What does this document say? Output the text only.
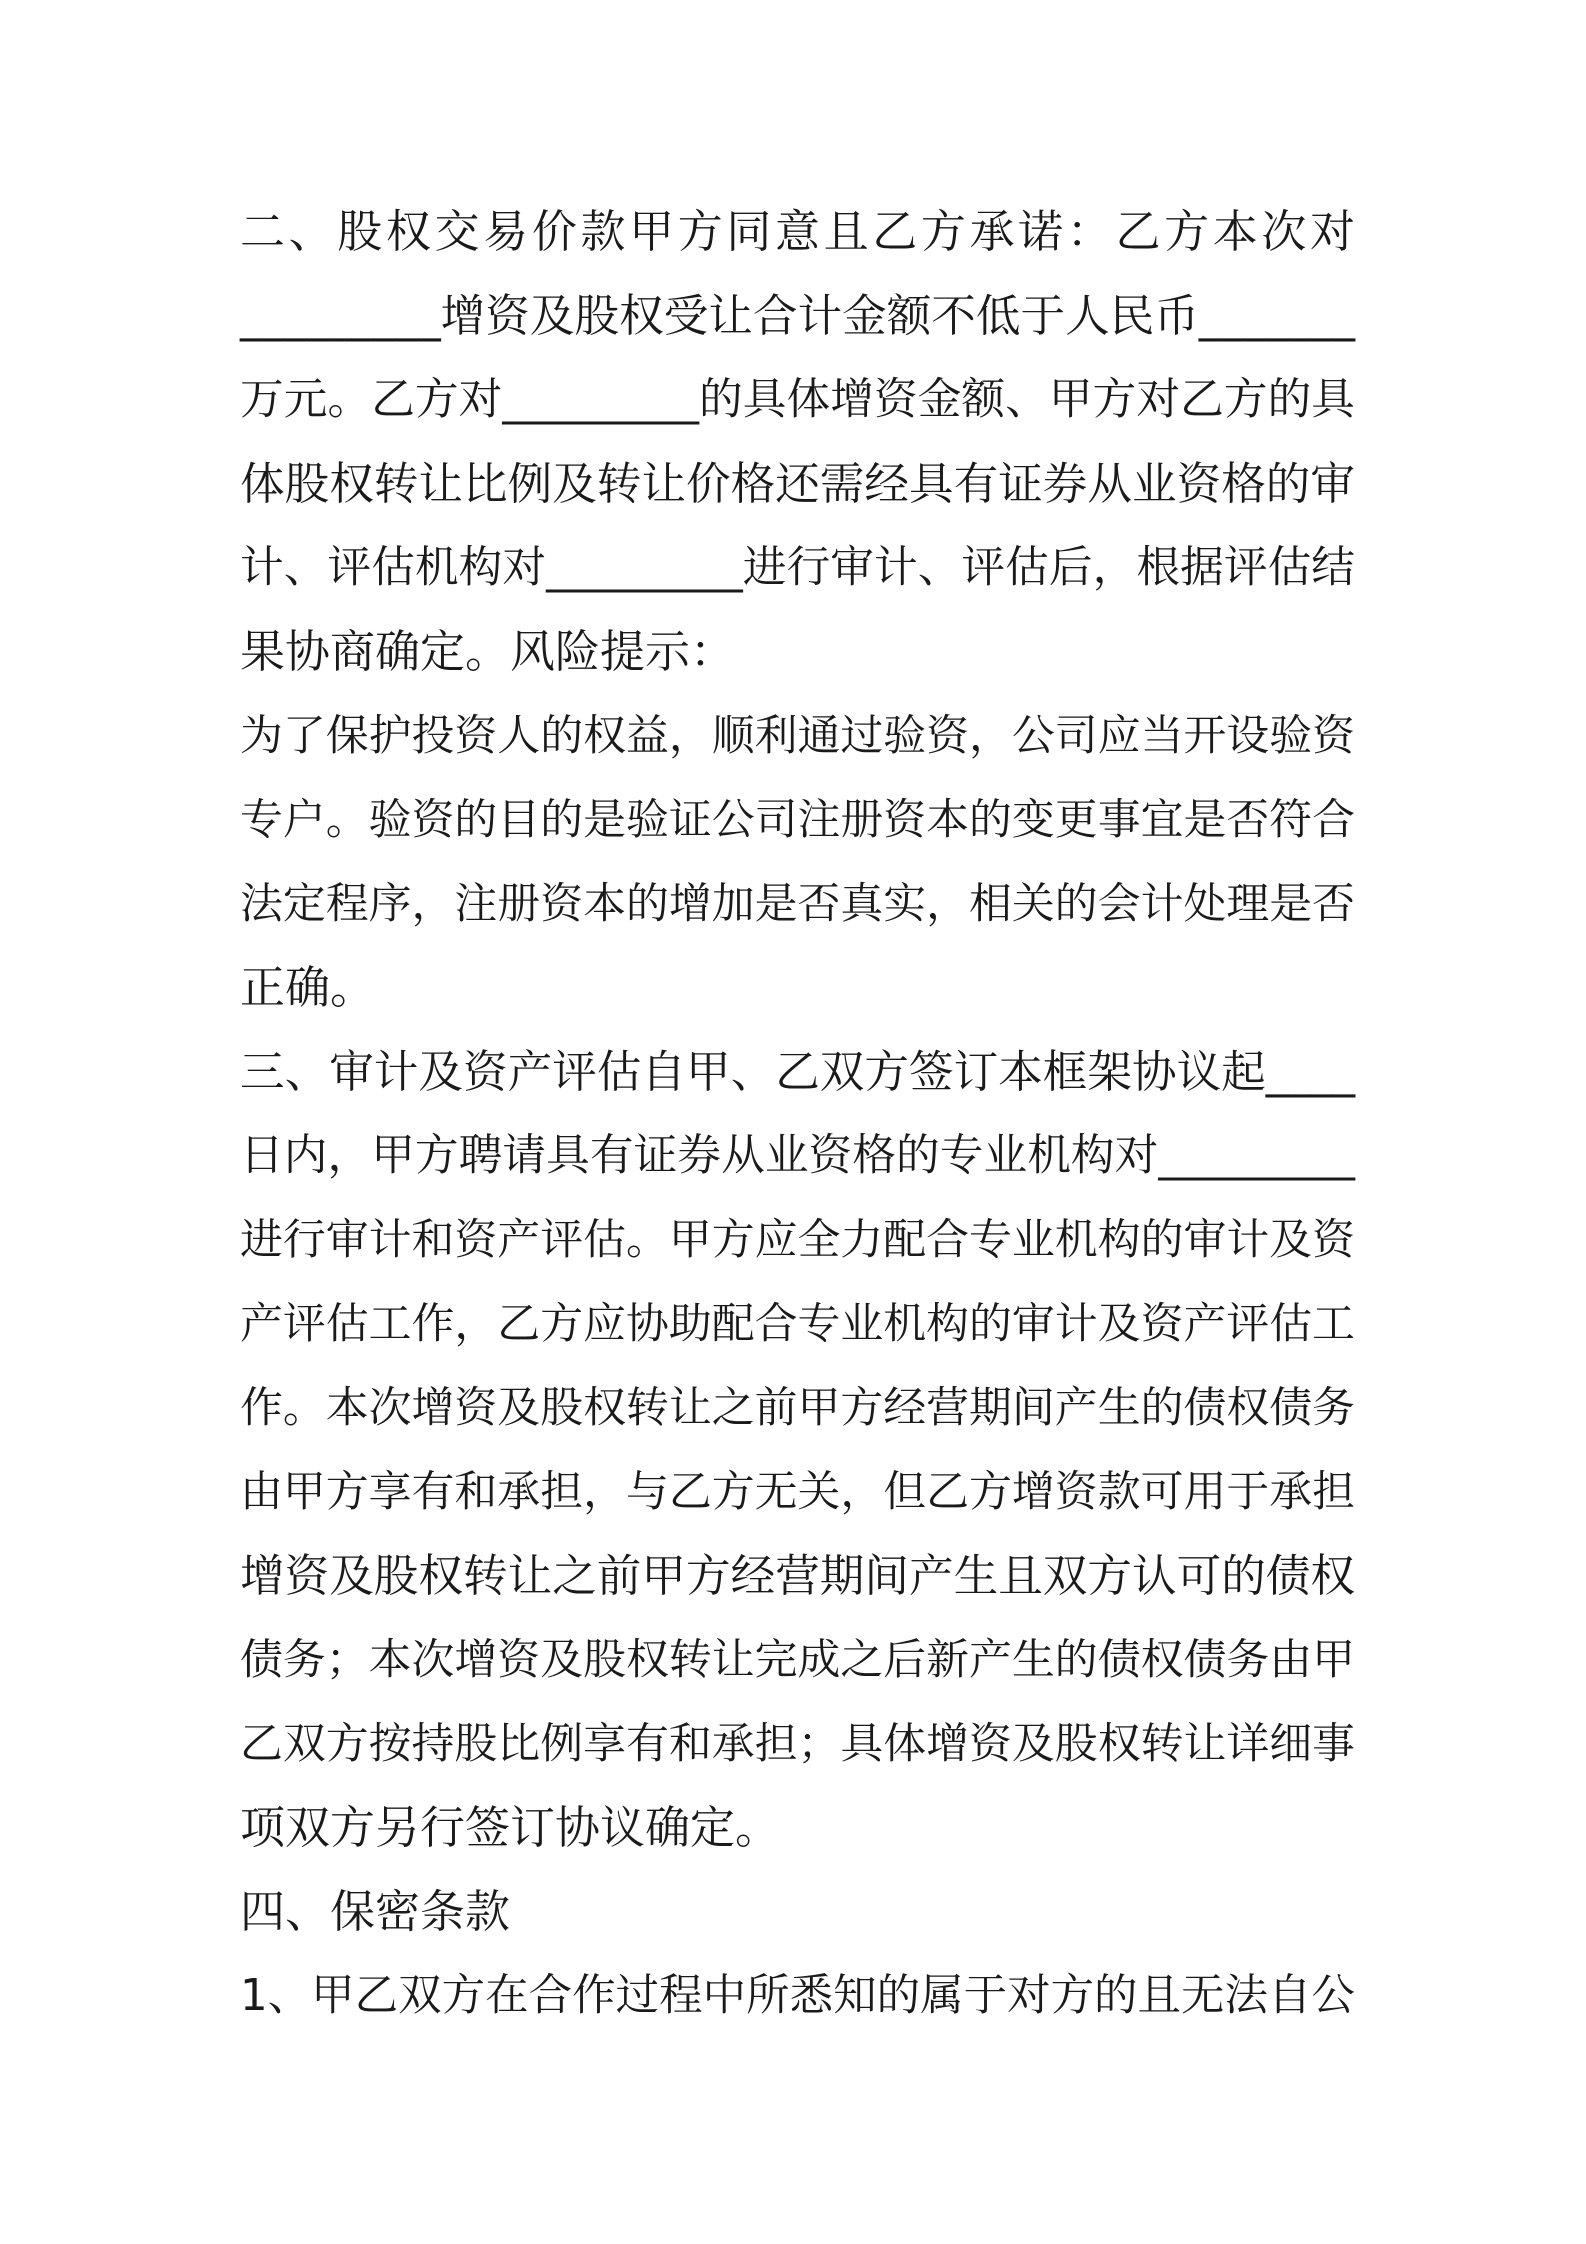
二、股权交易价款甲方同意且乙方承诺：乙方本次对
_________增资及股权受让合计金额不低于人民币_______
万元。乙方对_________的具体增资金额、甲方对乙方的具
体股权转让比例及转让价格还需经具有证券从业资格的审
计、评估机构对_________进行审计、评估后，根据评估结
果协商确定。风险提示：
为了保护投资人的权益，顺利通过验资，公司应当开设验资
专户。验资的目的是验证公司注册资本的变更事宜是否符合
法定程序，注册资本的增加是否真实，相关的会计处理是否
正确。
三、审计及资产评估自甲、乙双方签订本框架协议起____
日内，甲方聘请具有证券从业资格的专业机构对_________
进行审计和资产评估。甲方应全力配合专业机构的审计及资
产评估工作，乙方应协助配合专业机构的审计及资产评估工
作。本次增资及股权转让之前甲方经营期间产生的债权债务
由甲方享有和承担，与乙方无关，但乙方增资款可用于承担
增资及股权转让之前甲方经营期间产生且双方认可的债权
债务；本次增资及股权转让完成之后新产生的债权债务由甲
乙双方按持股比例享有和承担；具体增资及股权转让详细事
项双方另行签订协议确定。
四、保密条款
1、甲乙双方在合作过程中所悉知的属于对方的且无法自公
